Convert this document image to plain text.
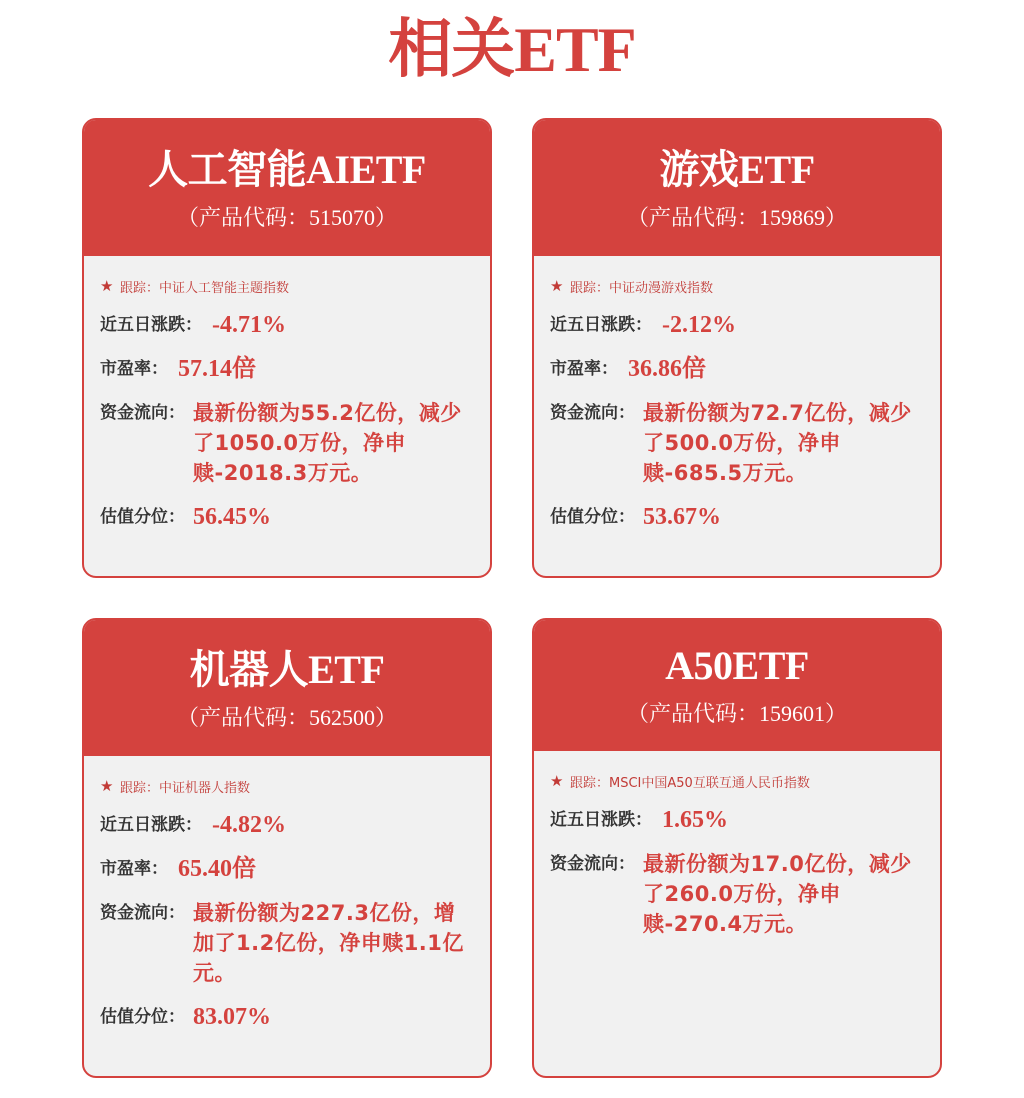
相关ETF
人工智能AIETF
（产品代码：515070）
★ 跟踪： 中证人工智能主题指数
近五日涨跌： -4.71%
市盈率： 57.14倍
资金流向： 最新份额为55.2亿份，减少了1050.0万份，净申赎-2018.3万元。
估值分位： 56.45%
游戏ETF
（产品代码：159869）
★ 跟踪： 中证动漫游戏指数
近五日涨跌： -2.12%
市盈率： 36.86倍
资金流向： 最新份额为72.7亿份，减少了500.0万份，净申赎-685.5万元。
估值分位： 53.67%
机器人ETF
（产品代码：562500）
★ 跟踪： 中证机器人指数
近五日涨跌： -4.82%
市盈率： 65.40倍
资金流向： 最新份额为227.3亿份，增加了1.2亿份，净申赎1.1亿元。
估值分位： 83.07%
A50ETF
（产品代码：159601）
★ 跟踪： MSCI中国A50互联互通人民币指数
近五日涨跌： 1.65%
资金流向： 最新份额为17.0亿份，减少了260.0万份，净申赎-270.4万元。
